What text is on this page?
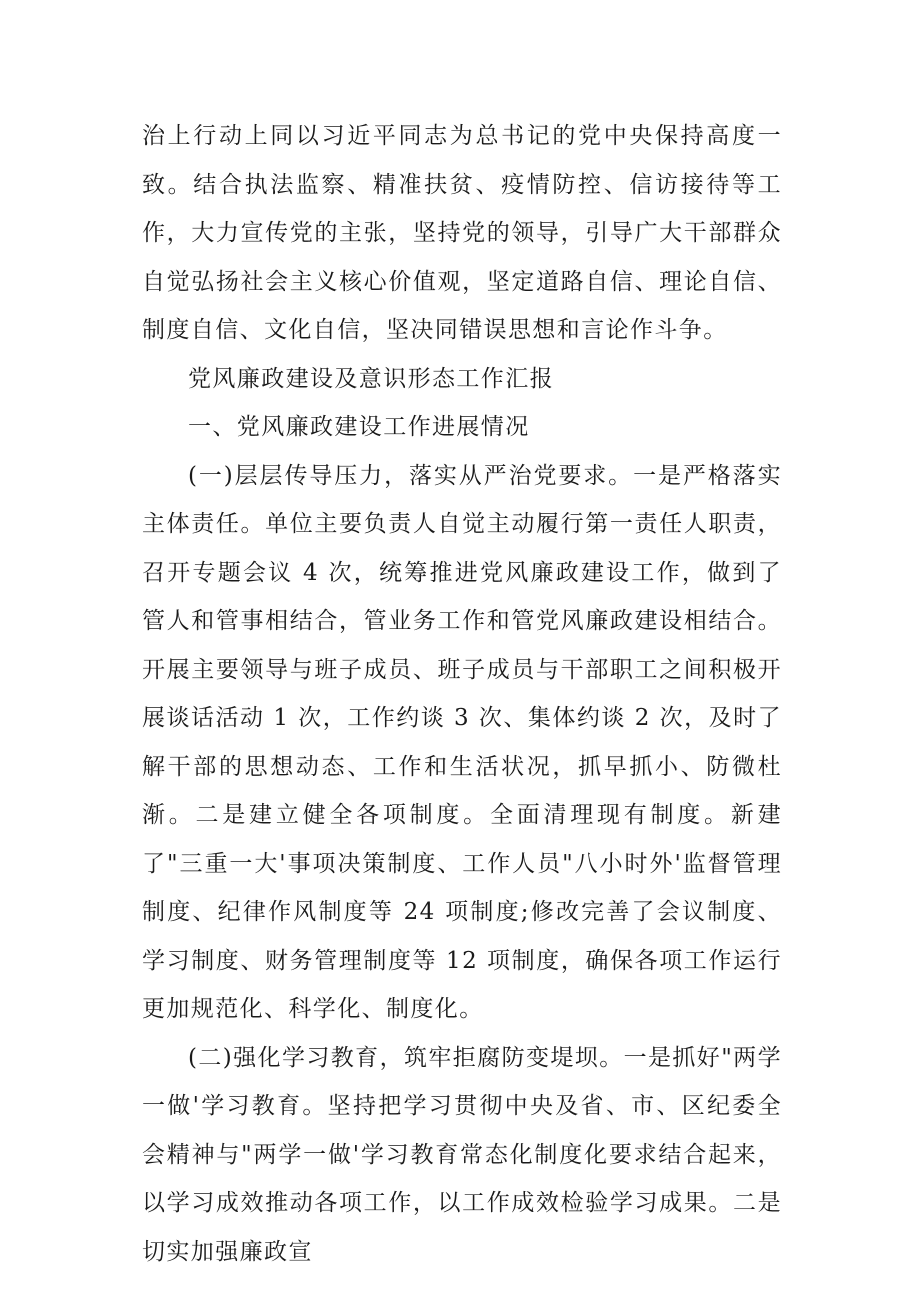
治上行动上同以习近平同志为总书记的党中央保持高度一致。结合执法监察、精准扶贫、疫情防控、信访接待等工作，大力宣传党的主张，坚持党的领导，引导广大干部群众自觉弘扬社会主义核心价值观，坚定道路自信、理论自信、制度自信、文化自信，坚决同错误思想和言论作斗争。

党风廉政建设及意识形态工作汇报
一、党风廉政建设工作进展情况

(一)层层传导压力，落实从严治党要求。一是严格落实主体责任。单位主要负责人自觉主动履行第一责任人职责，召开专题会议 4 次，统筹推进党风廉政建设工作，做到了管人和管事相结合，管业务工作和管党风廉政建设相结合。开展主要领导与班子成员、班子成员与干部职工之间积极开展谈话活动 1 次，工作约谈 3 次、集体约谈 2 次，及时了解干部的思想动态、工作和生活状况，抓早抓小、防微杜渐。二是建立健全各项制度。全面清理现有制度。新建了"三重一大'事项决策制度、工作人员"八小时外'监督管理制度、纪律作风制度等 24 项制度;修改完善了会议制度、学习制度、财务管理制度等 12 项制度，确保各项工作运行更加规范化、科学化、制度化。

(二)强化学习教育，筑牢拒腐防变堤坝。一是抓好"两学一做'学习教育。坚持把学习贯彻中央及省、市、区纪委全会精神与"两学一做'学习教育常态化制度化要求结合起来，以学习成效推动各项工作，以工作成效检验学习成果。二是切实加强廉政宣
